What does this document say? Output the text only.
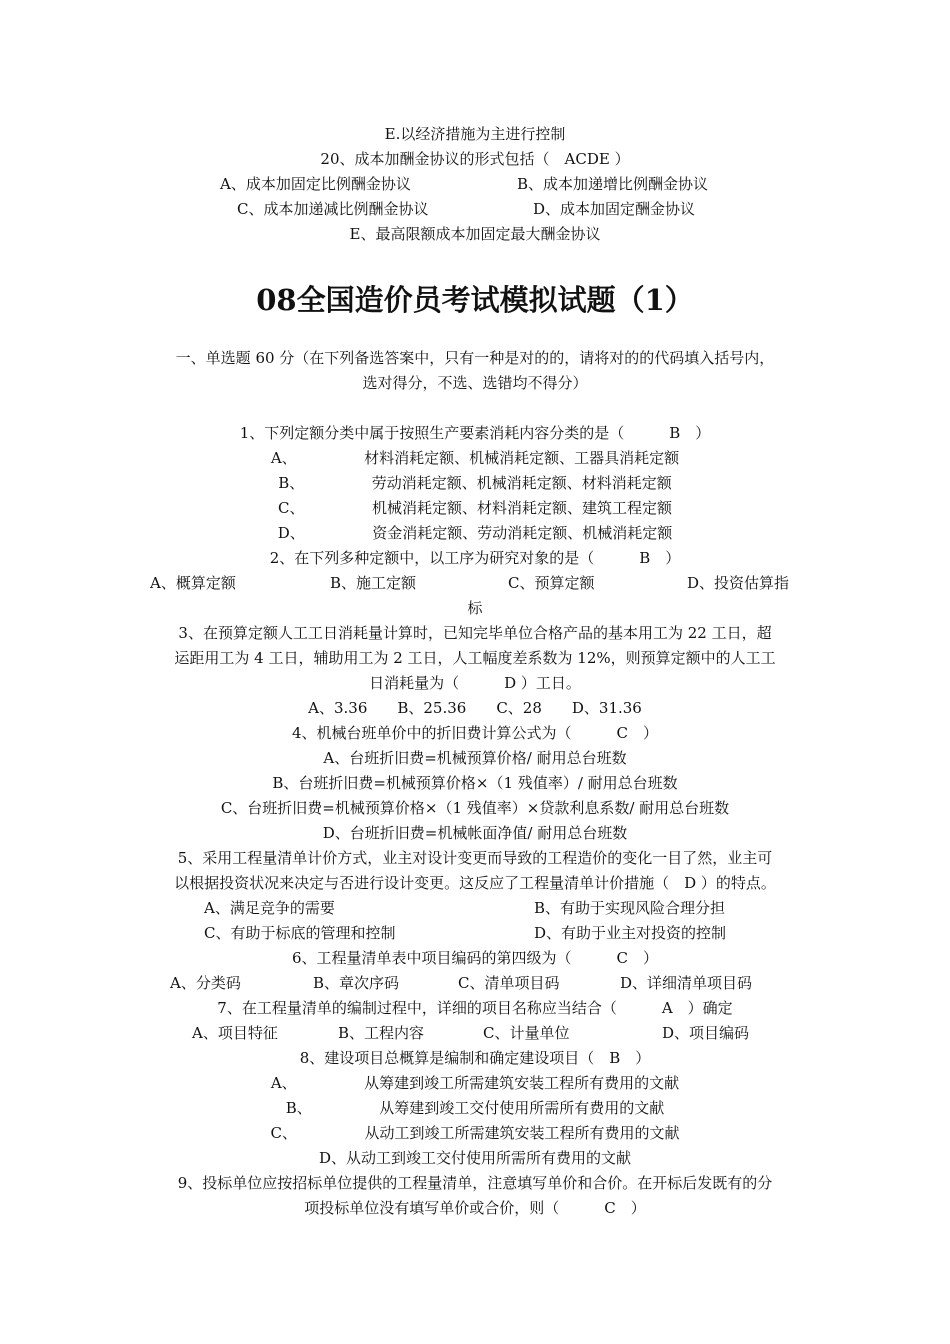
E.以经济措施为主进行控制
20、成本加酬金协议的形式包括（　ACDE ）
A、成本加固定比例酬金协议	B、成本加递增比例酬金协议
C、成本加递减比例酬金协议	D、成本加固定酬金协议
E、最高限额成本加固定最大酬金协议
08全国造价员考试模拟试题（1）
一、单选题 60 分（在下列备选答案中，只有一种是对的的，请将对的的代码填入括号内，
选对得分，不选、选错均不得分）
1、下列定额分类中属于按照生产要素消耗内容分类的是（　　　B　）
A、　　　　　材料消耗定额、机械消耗定额、工器具消耗定额
B、　　　　　劳动消耗定额、机械消耗定额、材料消耗定额
C、　　　　　机械消耗定额、材料消耗定额、建筑工程定额
D、　　　　　资金消耗定额、劳动消耗定额、机械消耗定额
2、在下列多种定额中，以工序为研究对象的是（　　　B　）
A、概算定额	B、施工定额	C、预算定额	D、投资估算指
标
3、在预算定额人工工日消耗量计算时，已知完毕单位合格产品的基本用工为 22 工日，超
运距用工为 4 工日，辅助用工为 2 工日，人工幅度差系数为 12%，则预算定额中的人工工
日消耗量为（　　　D ）工日。
A、3.36　　B、25.36　　C、28　　D、31.36
4、机械台班单价中的折旧费计算公式为（　　　C　）
A、台班折旧费=机械预算价格/ 耐用总台班数
B、台班折旧费=机械预算价格×（1 残值率）/ 耐用总台班数
C、台班折旧费=机械预算价格×（1 残值率）×贷款利息系数/ 耐用总台班数
D、台班折旧费=机械帐面净值/ 耐用总台班数
5、采用工程量清单计价方式，业主对设计变更而导致的工程造价的变化一目了然，业主可
以根据投资状况来决定与否进行设计变更。这反应了工程量清单计价措施（　D ）的特点。
A、满足竞争的需要	B、有助于实现风险合理分担
C、有助于标底的管理和控制	D、有助于业主对投资的控制
6、工程量清单表中项目编码的第四级为（　　　C　）
A、分类码	B、章次序码	C、清单项目码	D、详细清单项目码
7、在工程量清单的编制过程中，详细的项目名称应当结合（　　　A　）确定
A、项目特征	B、工程内容	C、计量单位	D、项目编码
8、建设项目总概算是编制和确定建设项目（　B　）
A、　　　　　从筹建到竣工所需建筑安装工程所有费用的文献
B、　　　　　从筹建到竣工交付使用所需所有费用的文献
C、　　　　　从动工到竣工所需建筑安装工程所有费用的文献
D、从动工到竣工交付使用所需所有费用的文献
9、投标单位应按招标单位提供的工程量清单，注意填写单价和合价。在开标后发既有的分
项投标单位没有填写单价或合价，则（　　　C　）
